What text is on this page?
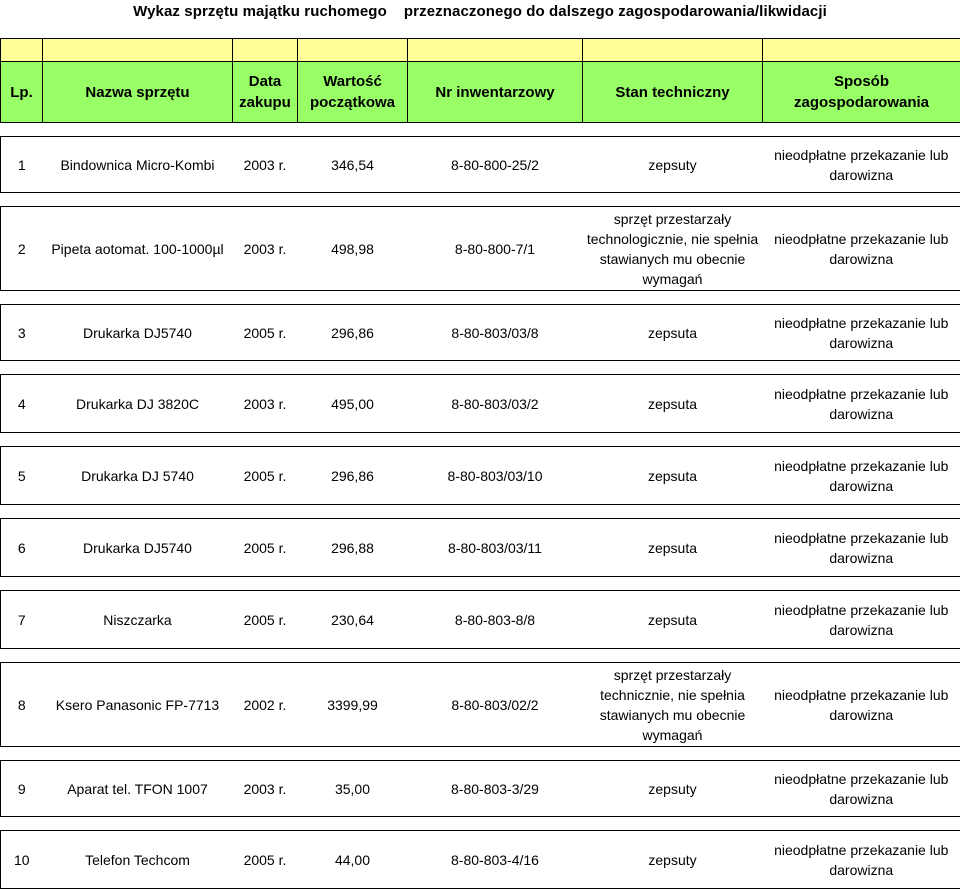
Wykaz sprzętu majątku ruchomego    przeznaczonego do dalszego zagospodarowania/likwidacji

Lp.	Nazwa sprzętu	Data zakupu	Wartość początkowa	Nr inwentarzowy	Stan techniczny	Sposób zagospodarowania

1	Bindownica Micro-Kombi	2003 r.	346,54	8-80-800-25/2	zepsuty	nieodpłatne przekazanie lub darowizna

2	Pipeta aotomat. 100-1000µl	2003 r.	498,98	8-80-800-7/1	sprzęt przestarzały technologicznie, nie spełnia stawianych mu obecnie wymagań	nieodpłatne przekazanie lub darowizna

3	Drukarka DJ5740	2005 r.	296,86	8-80-803/03/8	zepsuta	nieodpłatne przekazanie lub darowizna

4	Drukarka DJ 3820C	2003 r.	495,00	8-80-803/03/2	zepsuta	nieodpłatne przekazanie lub darowizna

5	Drukarka DJ 5740	2005 r.	296,86	8-80-803/03/10	zepsuta	nieodpłatne przekazanie lub darowizna

6	Drukarka DJ5740	2005 r.	296,88	8-80-803/03/11	zepsuta	nieodpłatne przekazanie lub darowizna

7	Niszczarka	2005 r.	230,64	8-80-803-8/8	zepsuta	nieodpłatne przekazanie lub darowizna

8	Ksero Panasonic FP-7713	2002 r.	3399,99	8-80-803/02/2	sprzęt przestarzały technicznie, nie spełnia stawianych mu obecnie wymagań	nieodpłatne przekazanie lub darowizna

9	Aparat tel. TFON 1007	2003 r.	35,00	8-80-803-3/29	zepsuty	nieodpłatne przekazanie lub darowizna

10	Telefon Techcom	2005 r.	44,00	8-80-803-4/16	zepsuty	nieodpłatne przekazanie lub darowizna
